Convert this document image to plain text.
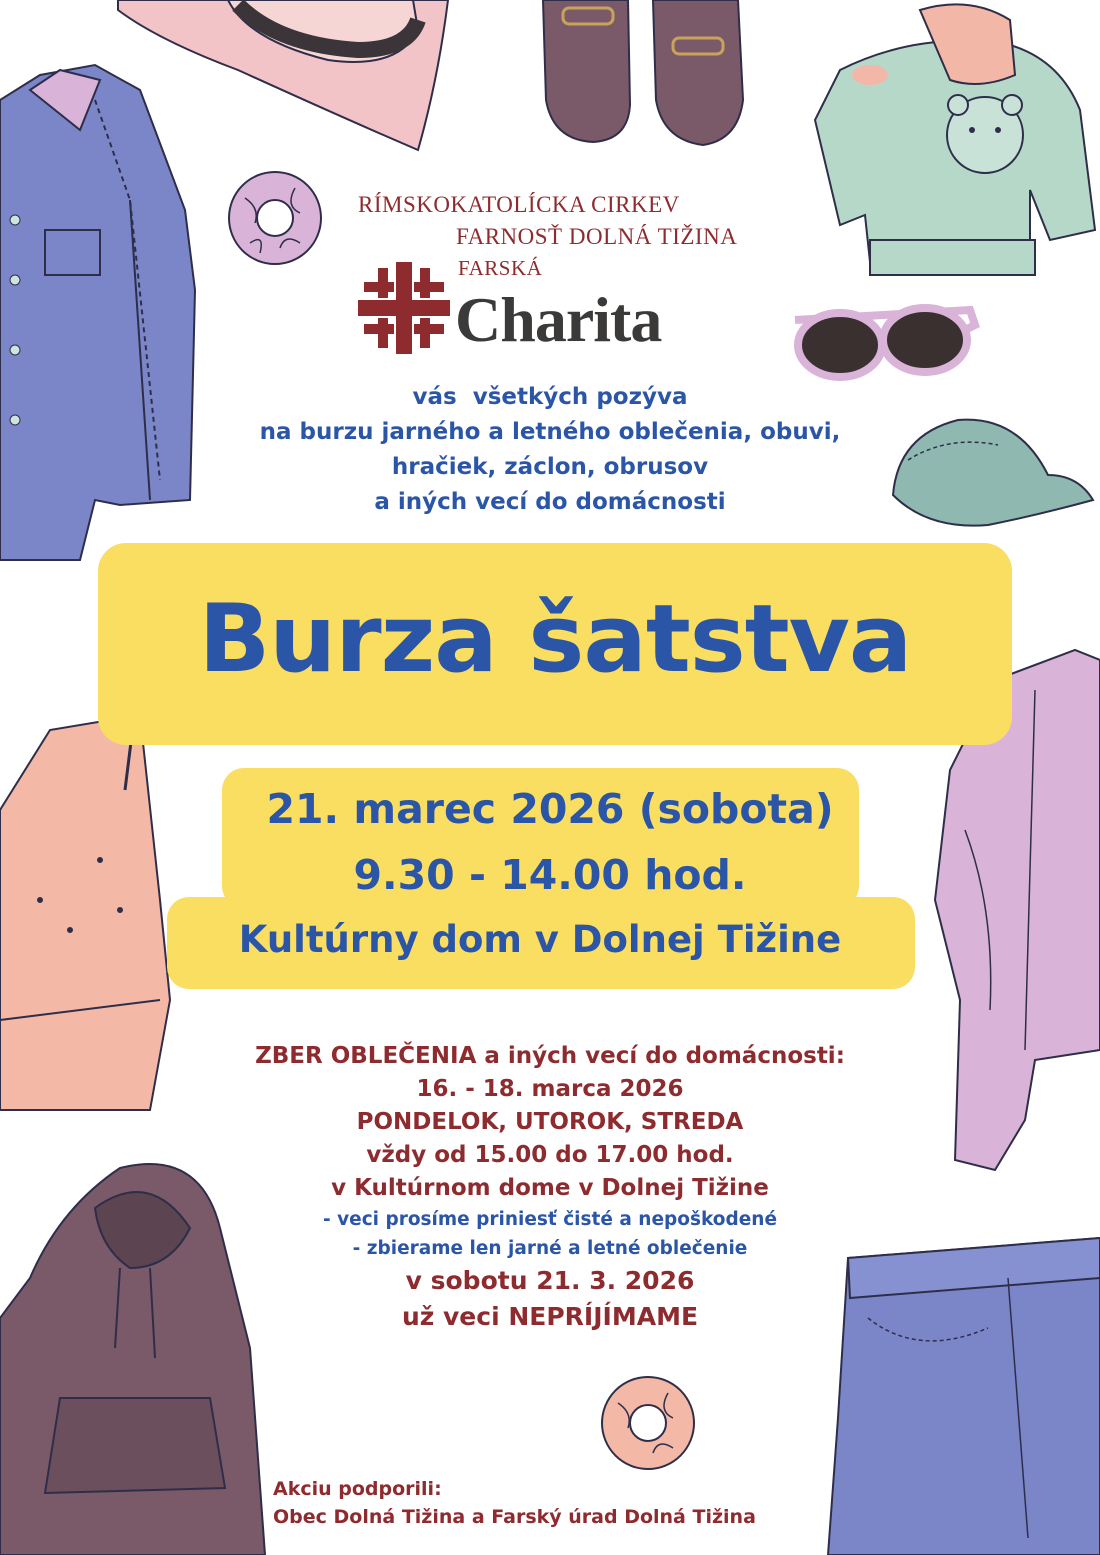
RÍMSKOKATOLÍCKA CIRKEV
FARNOSŤ DOLNÁ TIŽINA
FARSKÁ
Charita
vás  všetkých pozýva
na burzu jarného a letného oblečenia, obuvi,
hračiek, záclon, obrusov
a iných vecí do domácnosti
Burza šatstva
21. marec 2026 (sobota)
9.30 - 14.00 hod.
Kultúrny dom v Dolnej Tižine
ZBER OBLEČENIA a iných vecí do domácnosti:
16. - 18. marca 2026
PONDELOK, UTOROK, STREDA
vždy od 15.00 do 17.00 hod.
v Kultúrnom dome v Dolnej Tižine
- veci prosíme priniesť čisté a nepoškodené
- zbierame len jarné a letné oblečenie
v sobotu 21. 3. 2026
už veci NEPRÍJÍMAME
Akciu podporili:
Obec Dolná Tižina a Farský úrad Dolná Tižina
